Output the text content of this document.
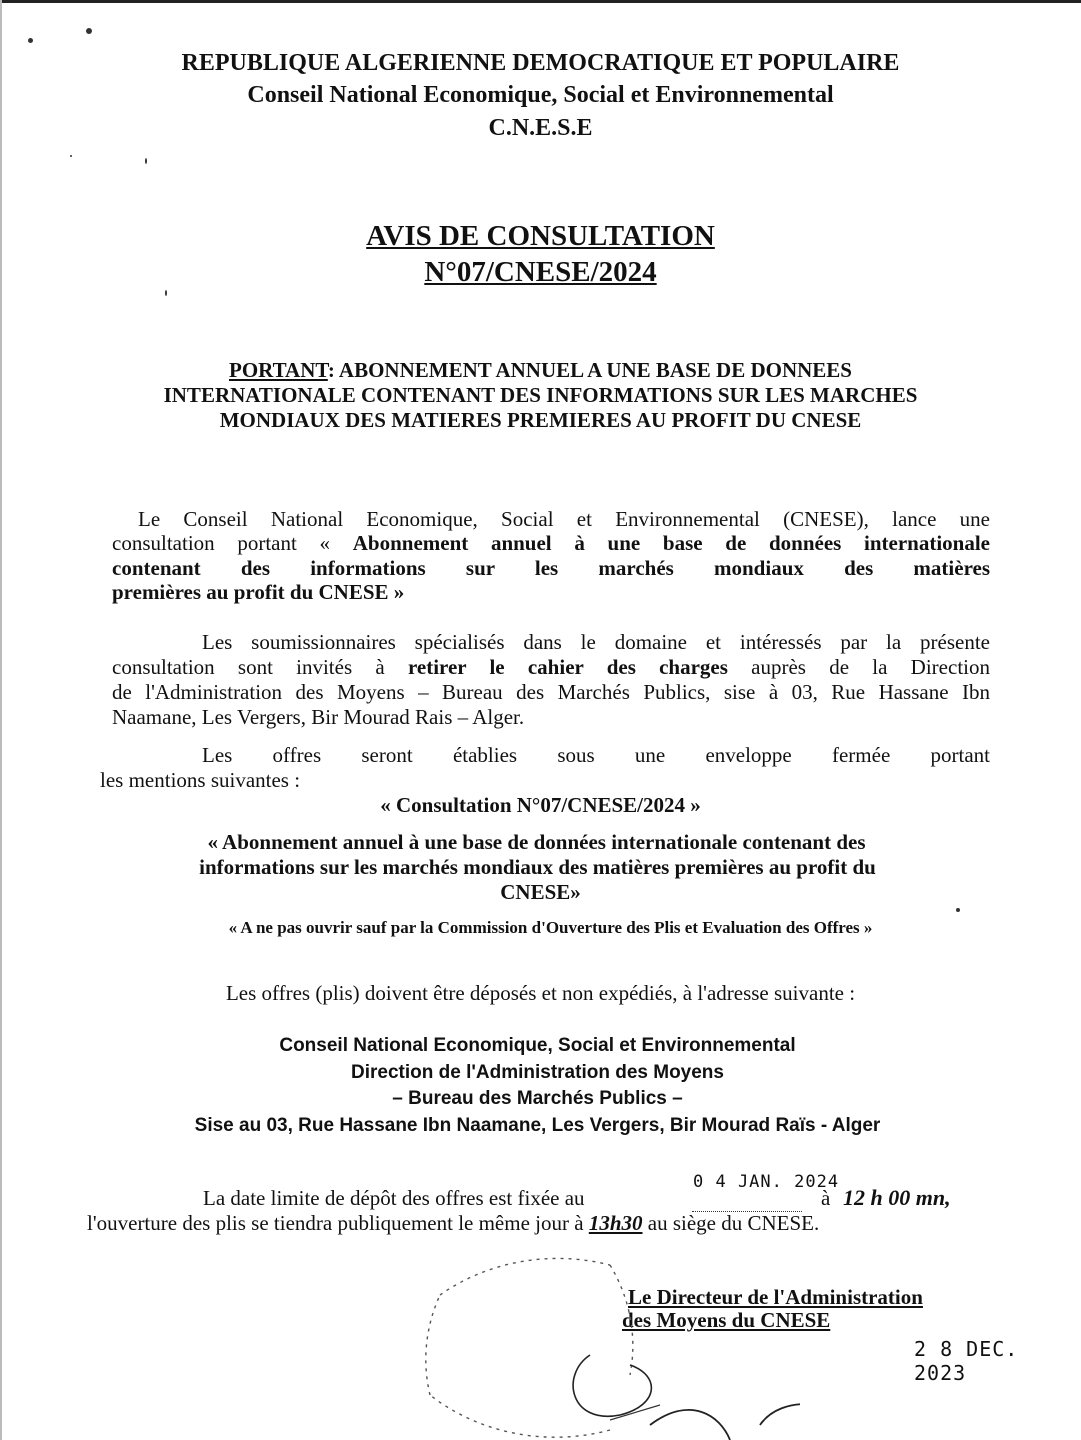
REPUBLIQUE ALGERIENNE DEMOCRATIQUE ET POPULAIRE
Conseil National Economique, Social et Environnemental
C.N.E.S.E
AVIS DE CONSULTATION
N°07/CNESE/2024
PORTANT: ABONNEMENT ANNUEL A UNE BASE DE DONNEES
INTERNATIONALE CONTENANT DES INFORMATIONS SUR LES MARCHES
MONDIAUX DES MATIERES PREMIERES AU PROFIT DU CNESE
Le Conseil National Economique, Social et Environnemental (CNESE), lance une
consultation portant « Abonnement annuel à une base de données internationale
contenant des informations sur les marchés mondiaux des matières
premières au profit du CNESE »
Les soumissionnaires spécialisés dans le domaine et intéressés par la présente
consultation sont invités à retirer le cahier des charges auprès de la Direction
de l'Administration des Moyens – Bureau des Marchés Publics, sise à 03, Rue Hassane Ibn
Naamane, Les Vergers, Bir Mourad Rais – Alger.
Les offres seront établies sous une enveloppe fermée portant
les mentions suivantes :
« Consultation N°07/CNESE/2024 »
« Abonnement annuel à une base de données internationale contenant des
informations sur les marchés mondiaux des matières premières au profit du
CNESE»
« A ne pas ouvrir sauf par la Commission d'Ouverture des Plis et Evaluation des Offres »
Les offres (plis) doivent être déposés et non expédiés, à l'adresse suivante :
Conseil National Economique, Social et Environnemental
Direction de l'Administration des Moyens
– Bureau des Marchés Publics –
Sise au 03, Rue Hassane Ibn Naamane, Les Vergers, Bir Mourad Raïs - Alger
La date limite de dépôt des offres est fixée au
0 4 JAN. 2024
à 12 h 00 mn,
l'ouverture des plis se tiendra publiquement le même jour à 13h30 au siège du CNESE.
Le Directeur de l'Administration
des Moyens du CNESE
2 8 DEC. 2023
